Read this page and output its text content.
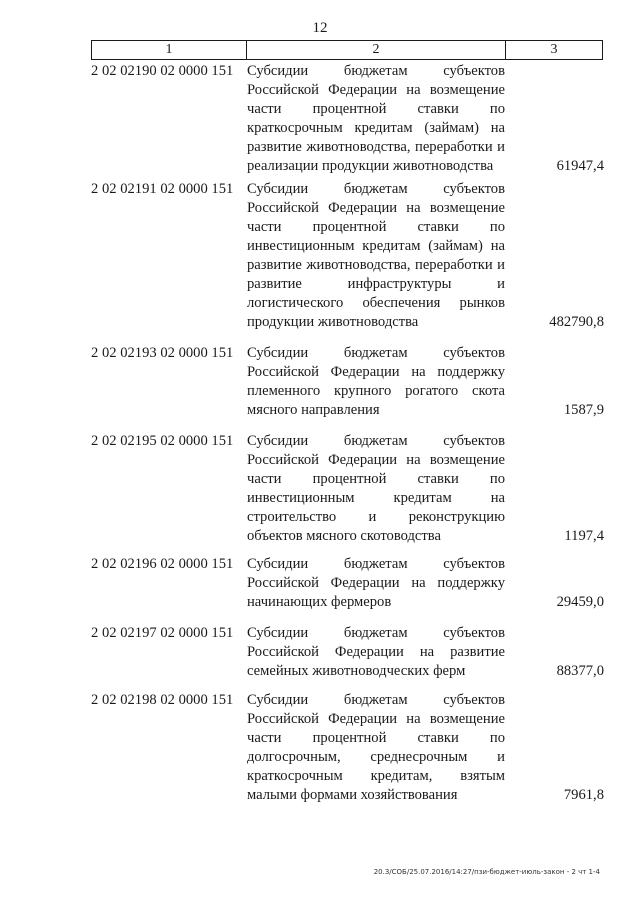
12
1	2	3
2 02 02190 02 0000 151 Субсидии бюджетам субъектов Российской Федерации на возмещение части процентной ставки по краткосрочным кредитам (займам) на развитие животноводства, переработки и реализации продукции животноводства	61947,4
2 02 02191 02 0000 151 Субсидии бюджетам субъектов Российской Федерации на возмещение части процентной ставки по инвестиционным кредитам (займам) на развитие животноводства, переработки и развитие инфраструктуры и логистического обеспечения рынков продукции животноводства	482790,8
2 02 02193 02 0000 151 Субсидии бюджетам субъектов Российской Федерации на поддержку племенного крупного рогатого скота мясного направления	1587,9
2 02 02195 02 0000 151 Субсидии бюджетам субъектов Российской Федерации на возмещение части процентной ставки по инвестиционным кредитам на строительство и реконструкцию объектов мясного скотоводства	1197,4
2 02 02196 02 0000 151 Субсидии бюджетам субъектов Российской Федерации на поддержку начинающих фермеров	29459,0
2 02 02197 02 0000 151 Субсидии бюджетам субъектов Российской Федерации на развитие семейных животноводческих ферм	88377,0
2 02 02198 02 0000 151 Субсидии бюджетам субъектов Российской Федерации на возмещение части процентной ставки по долгосрочным, среднесрочным и краткосрочным кредитам, взятым малыми формами хозяйствования	7961,8
20.3/СОБ/25.07.2016/14:27/пзи-бюджет-июль-закон - 2 чт 1-4
